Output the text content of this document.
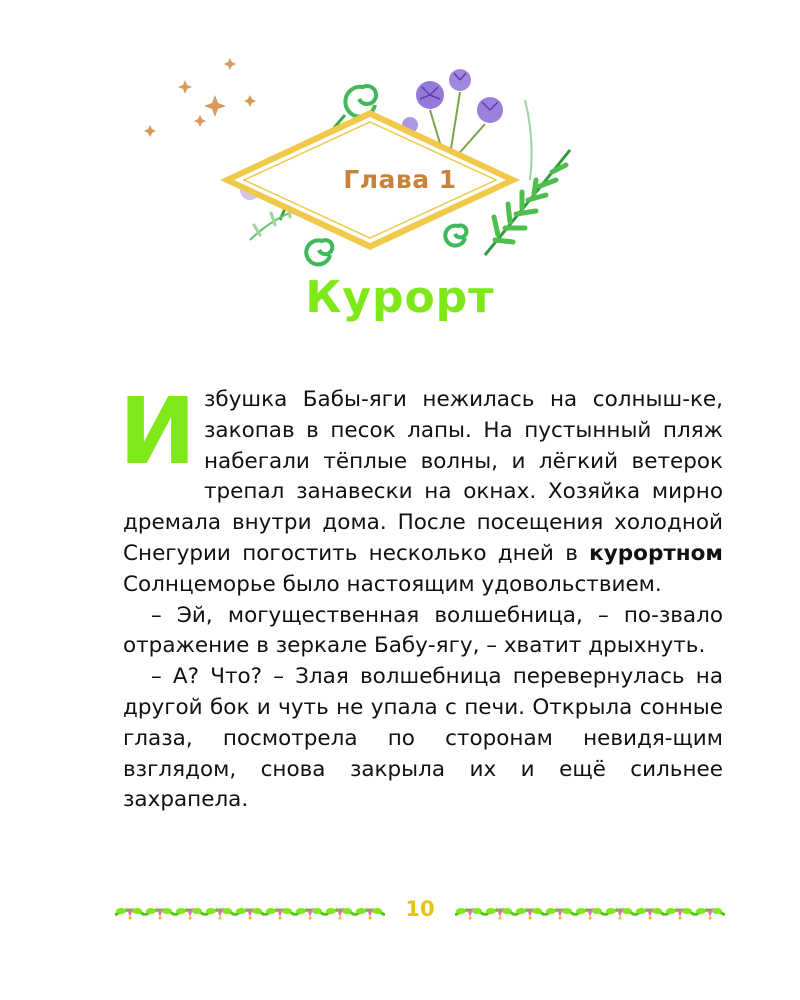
Глава 1
Курорт

Избушка Бабы-яги нежилась на солныш-ке, закопав в песок лапы. На пустынный пляж набегали тёплые волны, и лёгкий ветерок трепал занавески на окнах. Хозяйка мирно дремала внутри дома. После посещения холодной Снегурии погостить несколько дней в курортном Солнцеморье было настоящим удовольствием.

– Эй, могущественная волшебница, – по-звало отражение в зеркале Бабу-ягу, – хватит дрыхнуть.

– А? Что? – Злая волшебница перевернулась на другой бок и чуть не упала с печи. Открыла сонные глаза, посмотрела по сторонам невидя-щим взглядом, снова закрыла их и ещё сильнее захрапела.

10
